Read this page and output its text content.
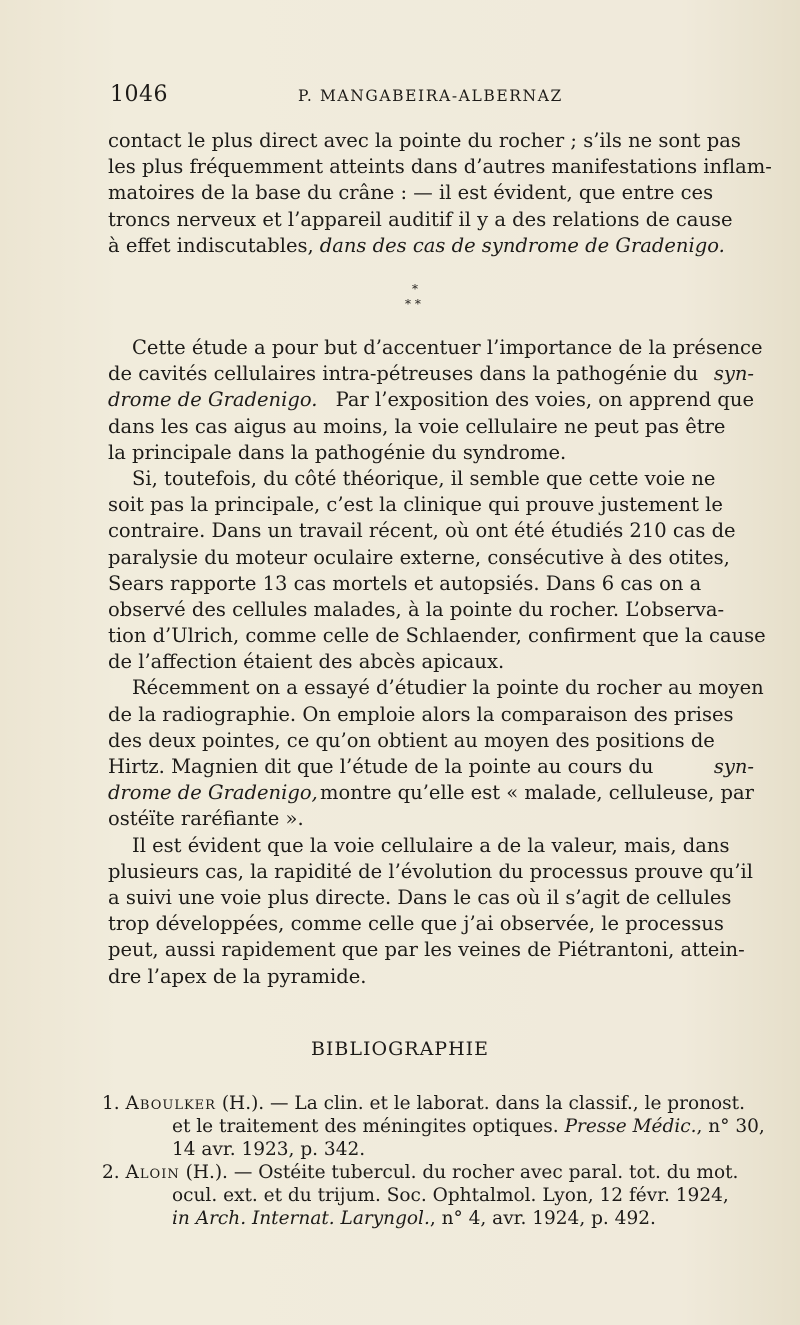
1046	P. MANGABEIRA-ALBERNAZ
contact le plus direct avec la pointe du rocher ; s’ils ne sont pas
les plus fréquemment atteints dans d’autres manifestations inflam-
matoires de la base du crâne : — il est évident, que entre ces
troncs nerveux et l’appareil auditif il y a des relations de cause
à effet indiscutables, dans des cas de syndrome de Gradenigo.
*
* *
Cette étude a pour but d’accentuer l’importance de la présence
de cavités cellulaires intra-pétreuses dans la pathogénie du syn-
drome de Gradenigo. Par l’exposition des voies, on apprend que
dans les cas aigus au moins, la voie cellulaire ne peut pas être
la principale dans la pathogénie du syndrome.
Si, toutefois, du côté théorique, il semble que cette voie ne
soit pas la principale, c’est la clinique qui prouve justement le
contraire. Dans un travail récent, où ont été étudiés 210 cas de
paralysie du moteur oculaire externe, consécutive à des otites,
Sears rapporte 13 cas mortels et autopsiés. Dans 6 cas on a
observé des cellules malades, à la pointe du rocher. L’observa-
tion d’Ulrich, comme celle de Schlaender, confirment que la cause
de l’affection étaient des abcès apicaux.
Récemment on a essayé d’étudier la pointe du rocher au moyen
de la radiographie. On emploie alors la comparaison des prises
des deux pointes, ce qu’on obtient au moyen des positions de
Hirtz. Magnien dit que l’étude de la pointe au cours du	syn-
drome de Gradenigo, montre qu’elle est « malade, celluleuse, par
ostéïte raréfiante ».
Il est évident que la voie cellulaire a de la valeur, mais, dans
plusieurs cas, la rapidité de l’évolution du processus prouve qu’il
a suivi une voie plus directe. Dans le cas où il s’agit de cellules
trop développées, comme celle que j’ai observée, le processus
peut, aussi rapidement que par les veines de Piétrantoni, attein-
dre l’apex de la pyramide.
BIBLIOGRAPHIE
1. Aboulker (H.). — La clin. et le laborat. dans la classif., le pronost.
et le traitement des méningites optiques. Presse Médic., n° 30,
14 avr. 1923, p. 342.
2. Aloin (H.). — Ostéite tubercul. du rocher avec paral. tot. du mot.
ocul. ext. et du trijum. Soc. Ophtalmol. Lyon, 12 févr. 1924,
in Arch. Internat. Laryngol., n° 4, avr. 1924, p. 492.
